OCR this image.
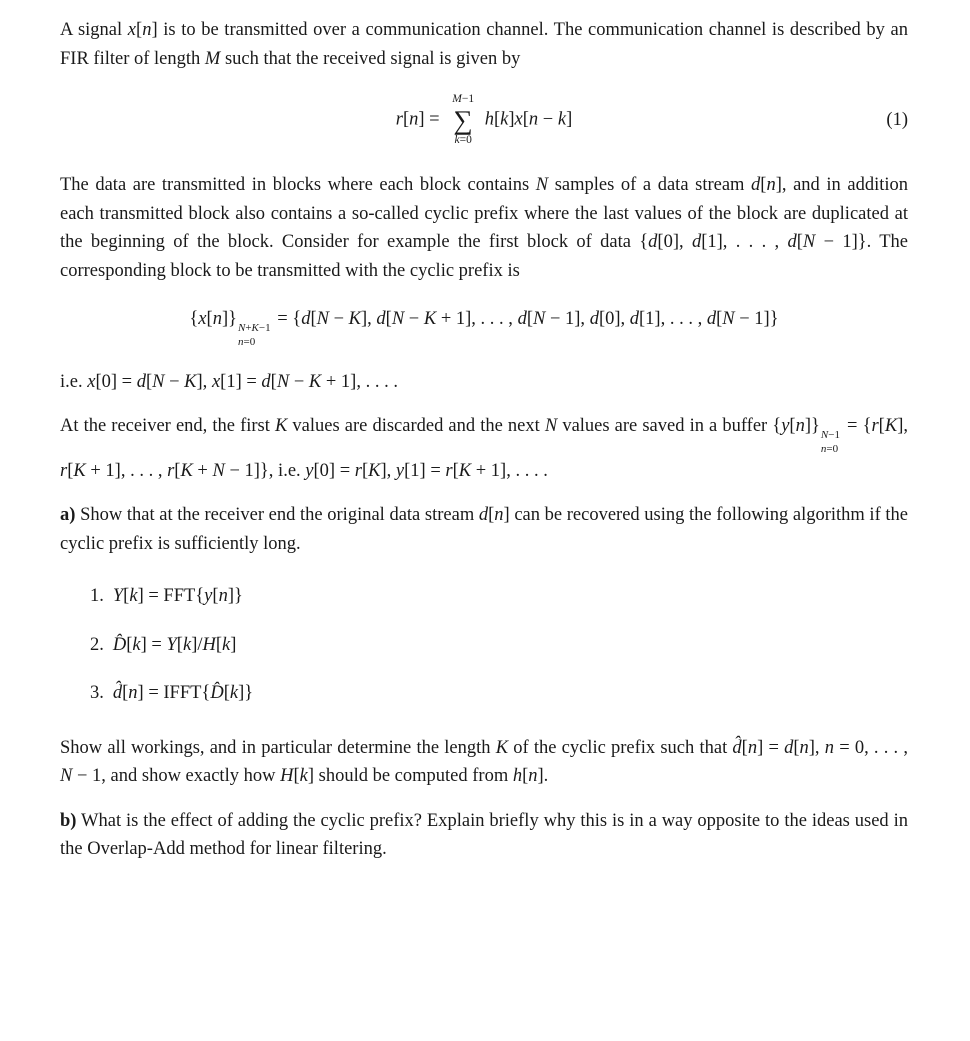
A signal x[n] is to be transmitted over a communication channel. The communication channel is described by an FIR filter of length M such that the received signal is given by

r[n] =
M−1
∑
k=0
h[k]x[n − k]	(1)

The data are transmitted in blocks where each block contains N samples of a data stream d[n], and in addition each transmitted block also contains a so-called cyclic prefix where the last values of the block are duplicated at the beginning of the block. Consider for example the first block of data {d[0], d[1], . . . , d[N − 1]}. The corresponding block to be transmitted with the cyclic prefix is

{x[n]} N+K−1
n=0
= {d[N − K], d[N − K + 1], . . . , d[N − 1], d[0], d[1], . . . , d[N − 1]}

i.e. x[0] = d[N − K], x[1] = d[N − K + 1], . . . .

At the receiver end, the first K values are discarded and the next N values are saved in a buffer {y[n]} N−1
n=0
= {r[K], r[K + 1], . . . , r[K + N − 1]}, i.e. y[0] = r[K], y[1] = r[K + 1], . . . .

a) Show that at the receiver end the original data stream d[n] can be recovered using the following algorithm if the cyclic prefix is sufficiently long.

1. Y[k] = FFT{y[n]}
2. D̂[k] = Y[k]/H[k]
3. d̂[n] = IFFT{D̂[k]}

Show all workings, and in particular determine the length K of the cyclic prefix such that d̂[n] = d[n], n = 0, . . . , N − 1, and show exactly how H[k] should be computed from h[n].

b) What is the effect of adding the cyclic prefix? Explain briefly why this is in a way opposite to the ideas used in the Overlap-Add method for linear filtering.
